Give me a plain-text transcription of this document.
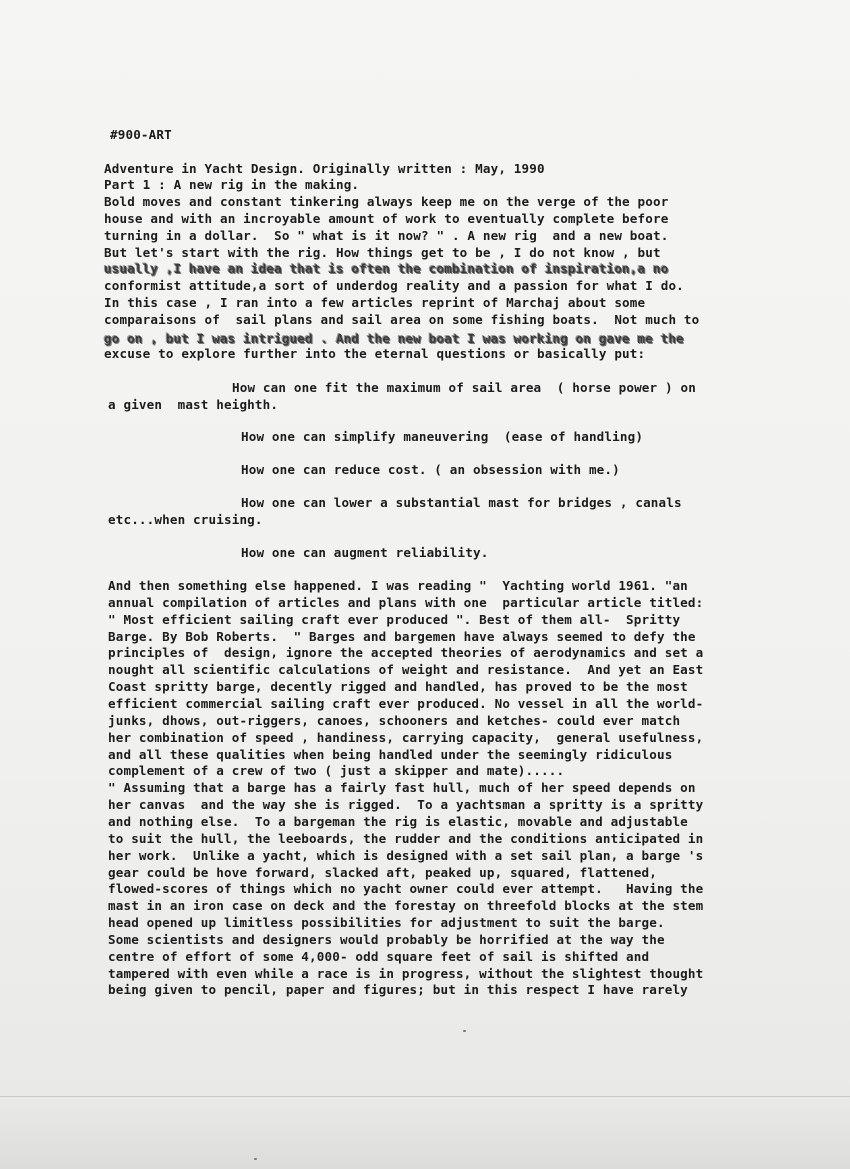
#900-ART
Adventure in Yacht Design. Originally written : May, 1990
Part 1 : A new rig in the making.
Bold moves and constant tinkering always keep me on the verge of the poor
house and with an incroyable amount of work to eventually complete before
turning in a dollar.  So " what is it now? " . A new rig  and a new boat.
But let's start with the rig. How things get to be , I do not know , but
usually ,I have an idea that is often the combination of inspiration,a no
conformist attitude,a sort of underdog reality and a passion for what I do.
In this case , I ran into a few articles reprint of Marchaj about some
comparaisons of  sail plans and sail area on some fishing boats.  Not much to
go on , but I was intrigued . And the new boat I was working on gave me the
excuse to explore further into the eternal questions or basically put:
How can one fit the maximum of sail area  ( horse power ) on
a given  mast heighth.
How one can simplify maneuvering  (ease of handling)
How one can reduce cost. ( an obsession with me.)
How one can lower a substantial mast for bridges , canals
etc...when cruising.
How one can augment reliability.
And then something else happened. I was reading "  Yachting world 1961. "an
annual compilation of articles and plans with one  particular article titled:
" Most efficient sailing craft ever produced ". Best of them all-  Spritty
Barge. By Bob Roberts.  " Barges and bargemen have always seemed to defy the
principles of  design, ignore the accepted theories of aerodynamics and set a
nought all scientific calculations of weight and resistance.  And yet an East
Coast spritty barge, decently rigged and handled, has proved to be the most
efficient commercial sailing craft ever produced. No vessel in all the world-
junks, dhows, out-riggers, canoes, schooners and ketches- could ever match
her combination of speed , handiness, carrying capacity,  general usefulness,
and all these qualities when being handled under the seemingly ridiculous
complement of a crew of two ( just a skipper and mate).....
" Assuming that a barge has a fairly fast hull, much of her speed depends on
her canvas  and the way she is rigged.  To a yachtsman a spritty is a spritty
and nothing else.  To a bargeman the rig is elastic, movable and adjustable
to suit the hull, the leeboards, the rudder and the conditions anticipated in
her work.  Unlike a yacht, which is designed with a set sail plan, a barge 's
gear could be hove forward, slacked aft, peaked up, squared, flattened,
flowed-scores of things which no yacht owner could ever attempt.   Having the
mast in an iron case on deck and the forestay on threefold blocks at the stem
head opened up limitless possibilities for adjustment to suit the barge.
Some scientists and designers would probably be horrified at the way the
centre of effort of some 4,000- odd square feet of sail is shifted and
tampered with even while a race is in progress, without the slightest thought
being given to pencil, paper and figures; but in this respect I have rarely
